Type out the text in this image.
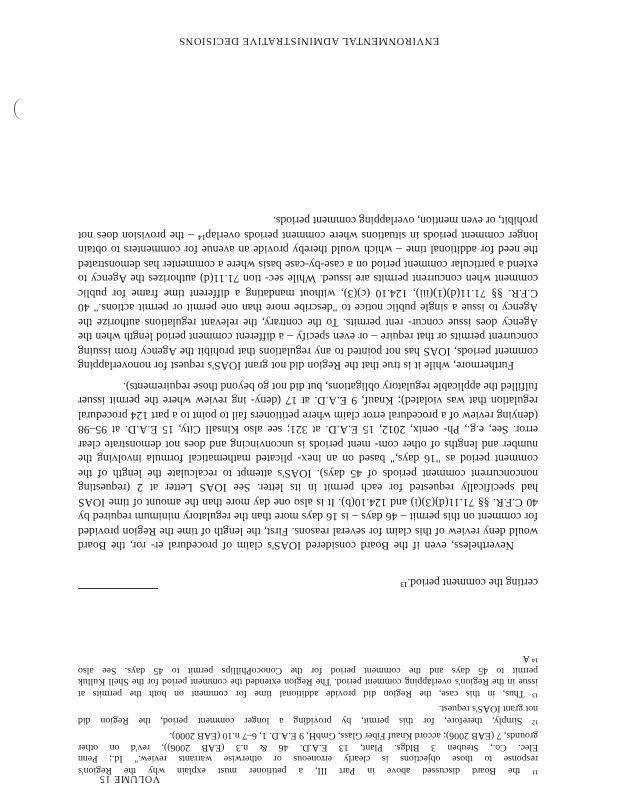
ENVIRONMENTAL ADMINISTRATIVE DECISIONS
¹¹ the Board discussed above in Part III, a petitioner must explain why the Region's
response to those objections is clearly erroneous or otherwise warrants review." Id.; Penn
Elec. Co., Steuben 3 Bldgs. Plant, 13 E.A.D. 46 & n.3 (EAB 2006)), rev'd on other
grounds, 7 (EAB 2006); accord Knauf Fiber Glass, GmbH, 9 E.A.D. 1, 6–7 n.10 (EAB 2000).
¹² Simply, therefore, for this permit, by providing a longer comment period, the Region did
not grant IOAS's request.
¹³ Thus, in this case, the Region did provide additional time for comment on both the permits at
issue in the Region's overlapping comment period. The Region extended the comment period for the Shell Kulluk
permit to 45 days and the comment period for the ConocoPhillips permit to 45 days. See also
¹⁴ A

certing the comment period.¹³

Nevertheless, even if the Board considered IOAS's claim of procedural er- ror, the Board would deny review of this claim for several reasons. First, the length of time the Region provided for comment on this permit – 46 days – is 16 days more than the regulatory minimum required by 40 C.F.R. §§ 71.11(d)(3)(i) and 124.10(b). It is also one day more than the amount of time IOAS had specifically requested for each permit in its letter. See IOAS Letter at 2 (requesting nonconcurrent comment periods of 45 days). IOAS's attempt to recalculate the length of the comment period as "16 days," based on an inex- plicated mathematical formula involving the number and lengths of other com- ment periods is unconvincing and does not demonstrate clear error. See, e.g., Ph- oenix, 2012, 15 E.A.D. at 321; see also Kinsall City, 15 E.A.D. at 95–98 (denying review of a procedural error claim where petitioners fail to point to a part 124 procedural regulation that was violated); Knauf, 9 E.A.D. at 17 (deny- ing review where the permit issuer fulfilled the applicable regulatory obligations, but did not go beyond those requirements).

Furthermore, while it is true that the Region did not grant IOAS's request for nonoverlapping comment periods, IOAS has not pointed to any regulations that prohibit the Agency from issuing concurrent permits or that require – or even specify – a different comment period length when the Agency does issue concur- rent permits. To the contrary, the relevant regulations authorize the Agency to issue a single public notice to "describe more than one permit or permit actions." 40 C.F.R. §§ 71.11(d)(1)(iii), 124.10 (c)(3), without mandating a different time frame for public comment when concurrent permits are issued. While sec- tion 71.11(d) authorizes the Agency to extend a particular comment period on a case-by-case basis where a commenter has demonstrated the need for additional time – which would thereby provide an avenue for commenters to obtain longer comment periods in situations where comment periods overlap¹⁴ – the provision does not prohibit, or even mention, overlapping comment periods.

VOLUME 15
